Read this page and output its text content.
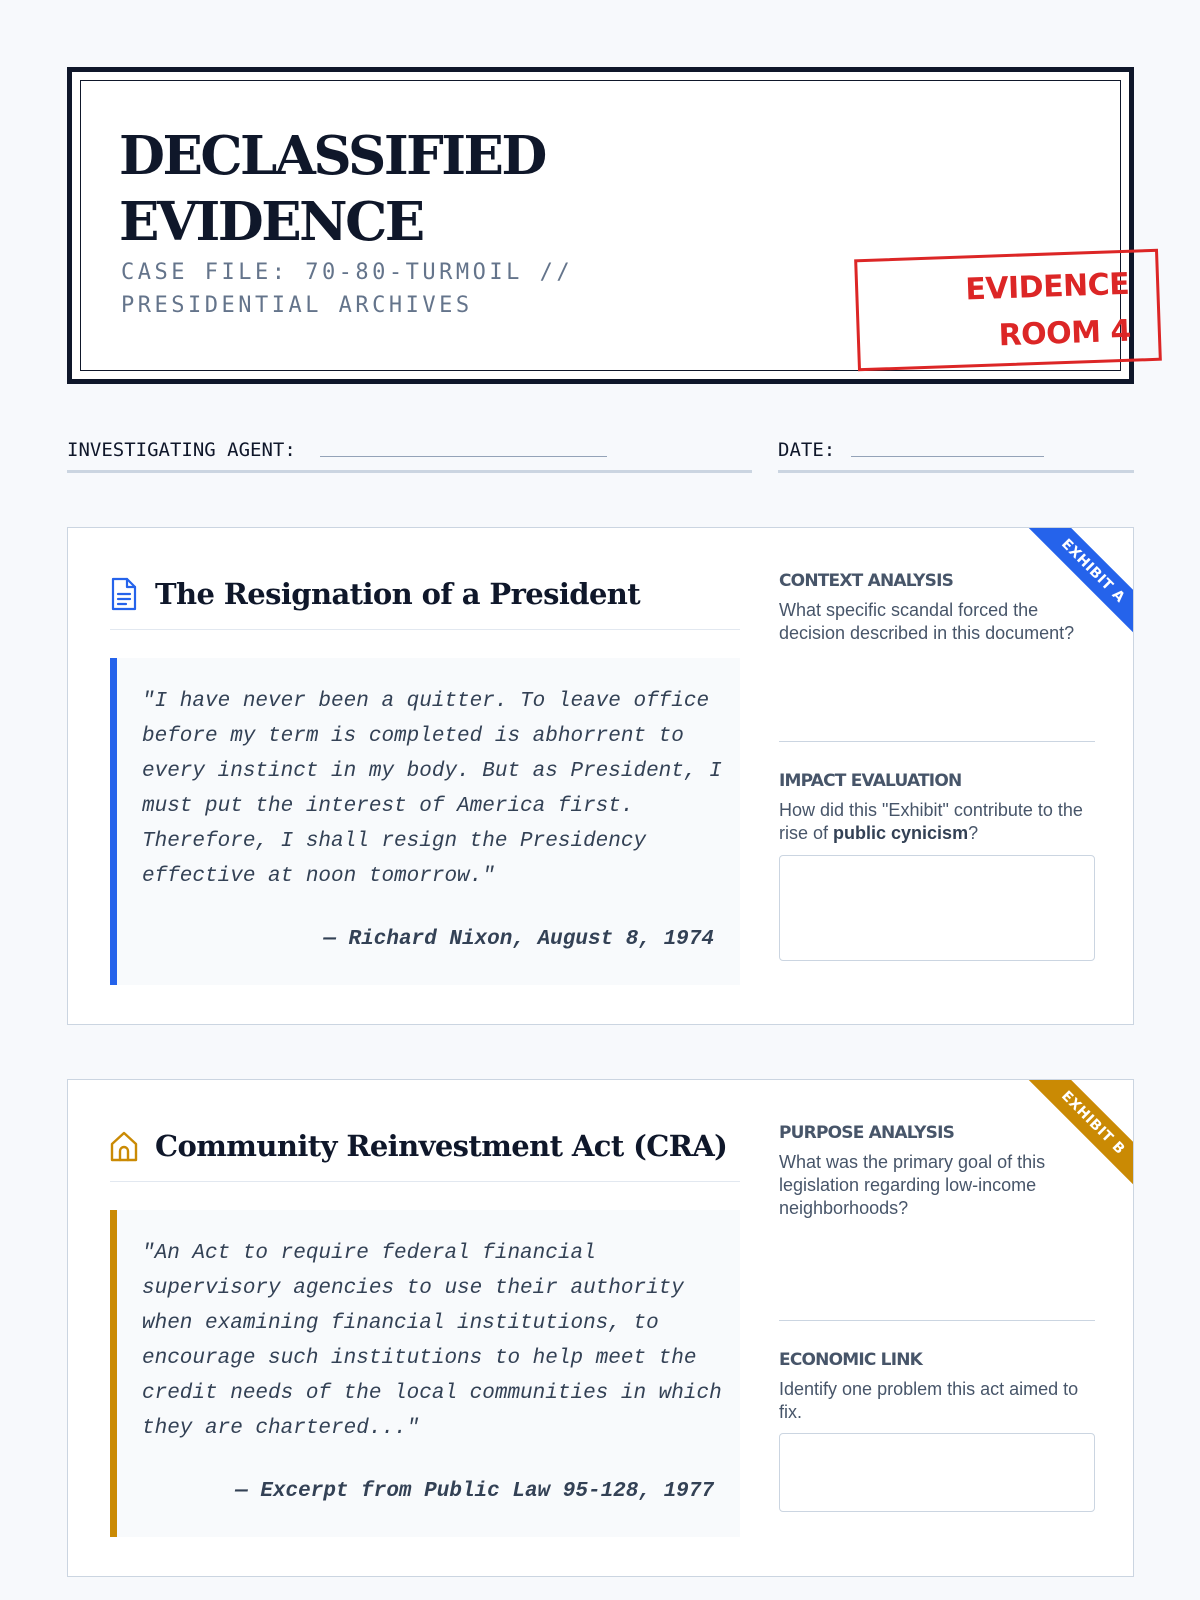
DECLASSIFIED
EVIDENCE
CASE FILE: 70-80-TURMOIL //
PRESIDENTIAL ARCHIVES	EVIDENCE
ROOM 4
INVESTIGATING AGENT:	DATE:
EXHIBIT A
The Resignation of a President
"I have never been a quitter. To leave office before my term is completed is abhorrent to every instinct in my body. But as President, I must put the interest of America first. Therefore, I shall resign the Presidency effective at noon tomorrow."
— Richard Nixon, August 8, 1974
CONTEXT ANALYSIS
What specific scandal forced the decision described in this document?
IMPACT EVALUATION
How did this "Exhibit" contribute to the rise of public cynicism?
EXHIBIT B
Community Reinvestment Act (CRA)
"An Act to require federal financial supervisory agencies to use their authority when examining financial institutions, to encourage such institutions to help meet the credit needs of the local communities in which they are chartered..."
— Excerpt from Public Law 95-128, 1977
PURPOSE ANALYSIS
What was the primary goal of this legislation regarding low-income neighborhoods?
ECONOMIC LINK
Identify one problem this act aimed to fix.
